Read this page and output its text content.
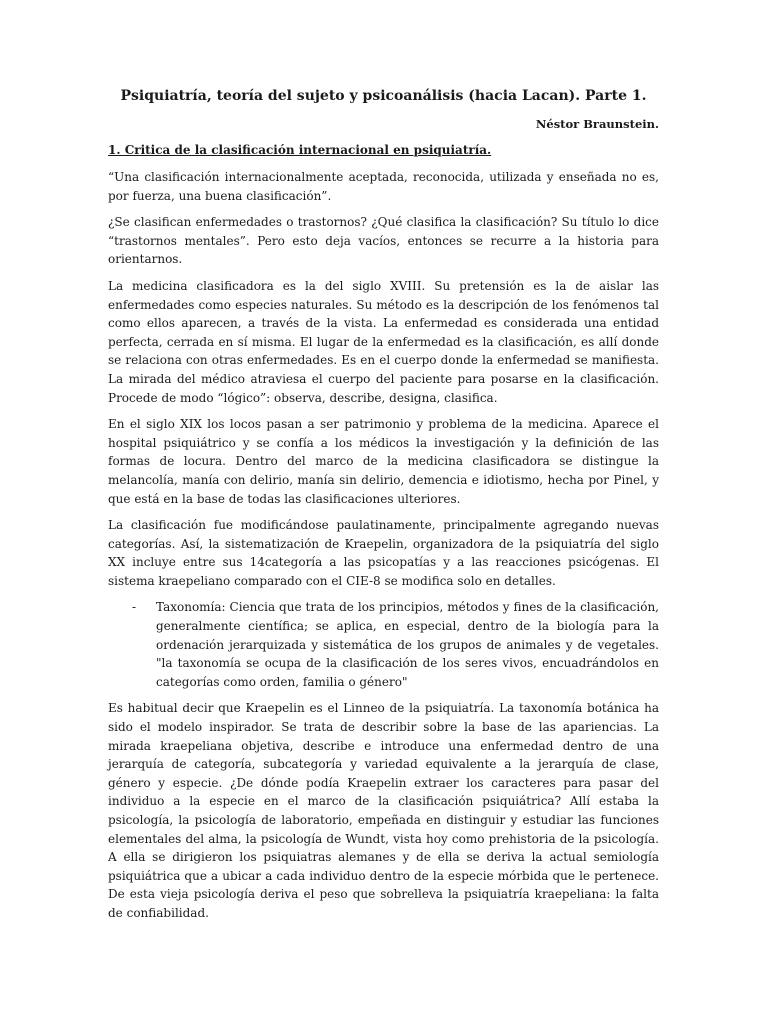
Psiquiatría, teoría del sujeto y psicoanálisis (hacia Lacan). Parte 1.
Néstor Braunstein.
1. Critica de la clasificación internacional en psiquiatría.

“Una clasificación internacionalmente aceptada, reconocida, utilizada y enseñada no es, por fuerza, una buena clasificación”.

¿Se clasifican enfermedades o trastornos? ¿Qué clasifica la clasificación? Su título lo dice “trastornos mentales”. Pero esto deja vacíos, entonces se recurre a la historia para orientarnos.

La medicina clasificadora es la del siglo XVIII. Su pretensión es la de aislar las enfermedades como especies naturales. Su método es la descripción de los fenómenos tal como ellos aparecen, a través de la vista. La enfermedad es considerada una entidad perfecta, cerrada en sí misma. El lugar de la enfermedad es la clasificación, es allí donde se relaciona con otras enfermedades. Es en el cuerpo donde la enfermedad se manifiesta. La mirada del médico atraviesa el cuerpo del paciente para posarse en la clasificación. Procede de modo “lógico”: observa, describe, designa, clasifica.

En el siglo XIX los locos pasan a ser patrimonio y problema de la medicina. Aparece el hospital psiquiátrico y se confía a los médicos la investigación y la definición de las formas de locura. Dentro del marco de la medicina clasificadora se distingue la melancolía, manía con delirio, manía sin delirio, demencia e idiotismo, hecha por Pinel, y que está en la base de todas las clasificaciones ulteriores.

La clasificación fue modificándose paulatinamente, principalmente agregando nuevas categorías. Así, la sistematización de Kraepelin, organizadora de la psiquiatría del siglo XX incluye entre sus 14categoría a las psicopatías y a las reacciones psicógenas. El sistema kraepeliano comparado con el CIE-8 se modifica solo en detalles.

- Taxonomía: Ciencia que trata de los principios, métodos y fines de la clasificación, generalmente científica; se aplica, en especial, dentro de la biología para la ordenación jerarquizada y sistemática de los grupos de animales y de vegetales. "la taxonomía se ocupa de la clasificación de los seres vivos, encuadrándolos en categorías como orden, familia o género"

Es habitual decir que Kraepelin es el Linneo de la psiquiatría. La taxonomía botánica ha sido el modelo inspirador. Se trata de describir sobre la base de las apariencias. La mirada kraepeliana objetiva, describe e introduce una enfermedad dentro de una jerarquía de categoría, subcategoría y variedad equivalente a la jerarquía de clase, género y especie. ¿De dónde podía Kraepelin extraer los caracteres para pasar del individuo a la especie en el marco de la clasificación psiquiátrica? Allí estaba la psicología, la psicología de laboratorio, empeñada en distinguir y estudiar las funciones elementales del alma, la psicología de Wundt, vista hoy como prehistoria de la psicología. A ella se dirigieron los psiquiatras alemanes y de ella se deriva la actual semiología psiquiátrica que a ubicar a cada individuo dentro de la especie mórbida que le pertenece. De esta vieja psicología deriva el peso que sobrelleva la psiquiatría kraepeliana: la falta de confiabilidad.
